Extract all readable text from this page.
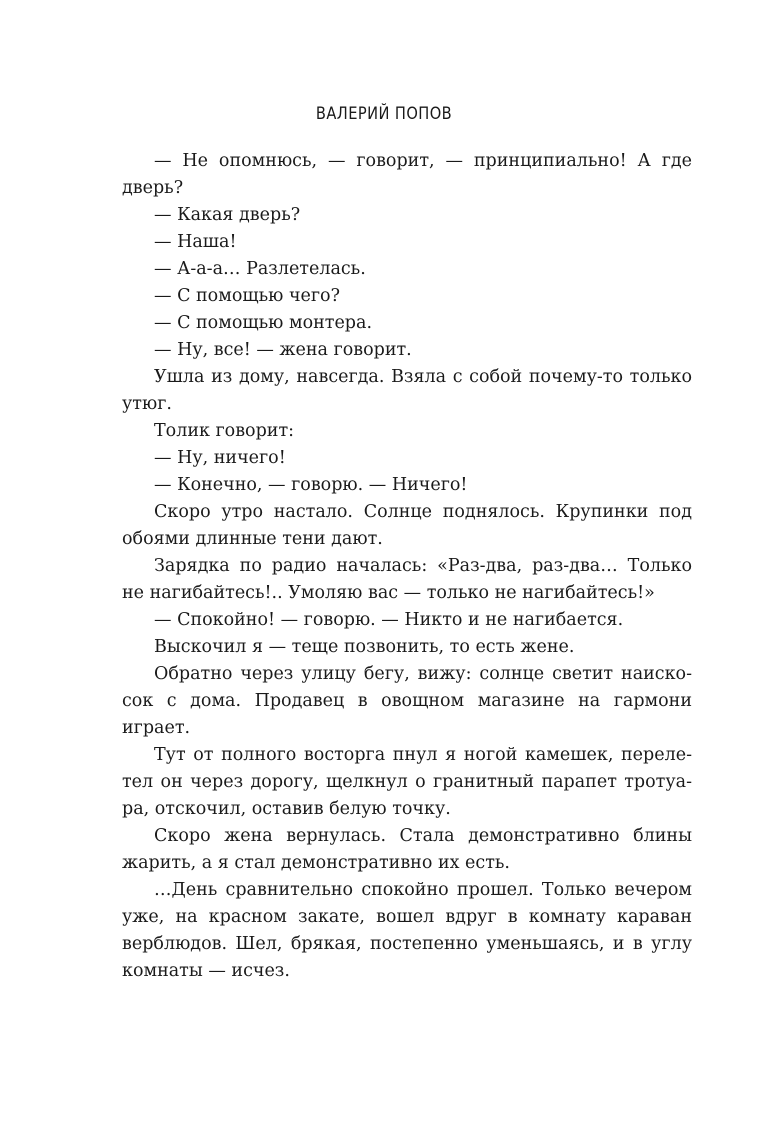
ВАЛЕРИЙ ПОПОВ

— Не опомнюсь, — говорит, — принципиально! А где дверь?

— Какая дверь?

— Наша!

— А-а-а… Разлетелась.

— С помощью чего?

— С помощью монтера.

— Ну, все! — жена говорит.

Ушла из дому, навсегда. Взяла с собой почему-то только утюг.

Толик говорит:

— Ну, ничего!

— Конечно, — говорю. — Ничего!

Скоро утро настало. Солнце поднялось. Крупинки под обоями длинные тени дают.

Зарядка по радио началась: «Раз-два, раз-два… Только не нагибайтесь!.. Умоляю вас — только не нагибайтесь!»

— Спокойно! — говорю. — Никто и не нагибается.

Выскочил я — теще позвонить, то есть жене.

Обратно через улицу бегу, вижу: солнце светит наискосок с дома. Продавец в овощном магазине на гармони играет.

Тут от полного восторга пнул я ногой камешек, перелетел он через дорогу, щелкнул о гранитный парапет тротуара, отскочил, оставив белую точку.

Скоро жена вернулась. Стала демонстративно блины жарить, а я стал демонстративно их есть.

…День сравнительно спокойно прошел. Только вечером уже, на красном закате, вошел вдруг в комнату караван верблюдов. Шел, брякая, постепенно уменьшаясь, и в углу комнаты — исчез.
